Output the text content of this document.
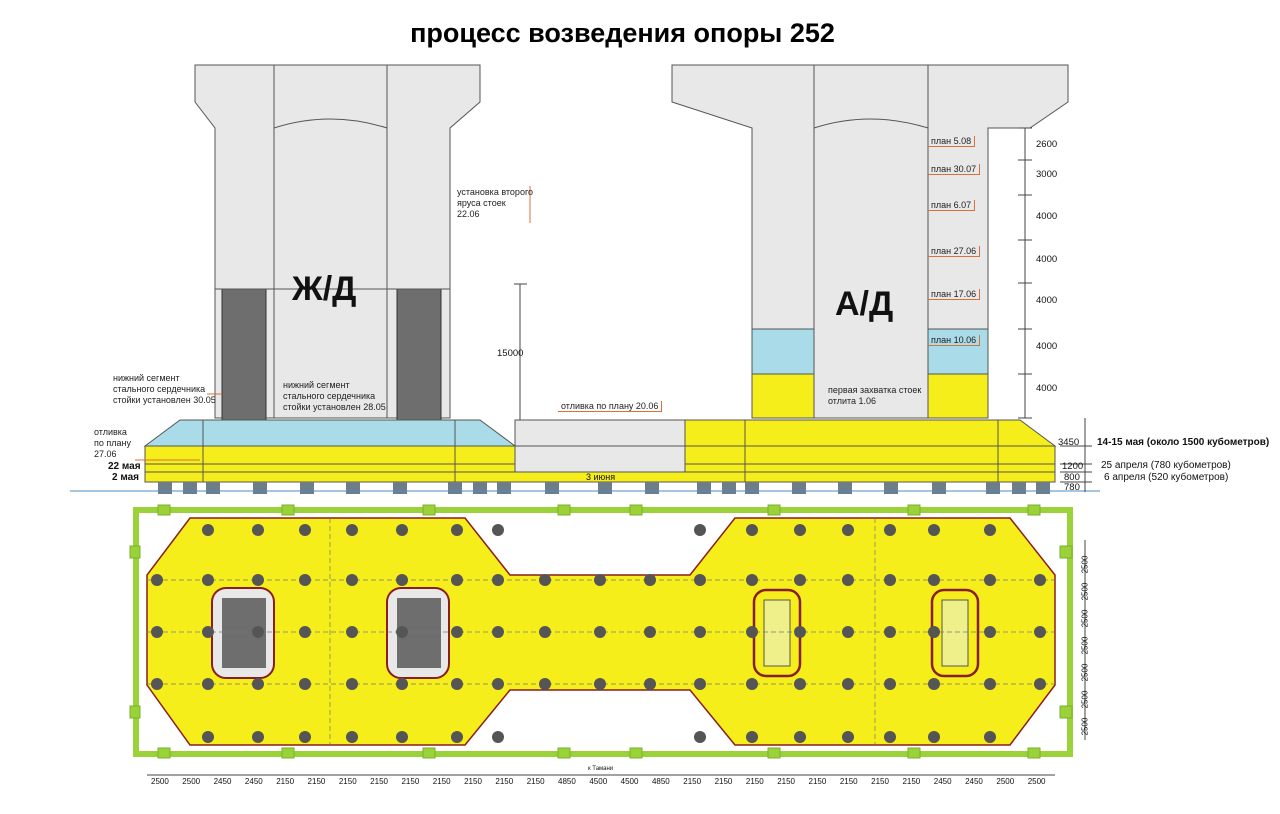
процесс возведения опоры 252
Ж/Д	А/Д
15000
нижний сегмент
стального сердечника
стойки установлен 30.05
нижний сегмент
стального сердечника
стойки установлен 28.05
установка второго
ярусa стоек
22.06
отливка
по плану
27.06
отливка по плану 20.06
первая захватка стоек
отлита 1.06
план 5.08
план 30.07
план 6.07
план 27.06
план 17.06
план 10.06
2600
3000
4000
4000
4000
4000
4000
3450
1200
800
780
22 мая
2 мая	3 июня
14-15 мая (около 1500 кубометров)
25 апреля (780 кубометров)
6 апреля (520 кубометров)
2500 2500 2450 2450 2150 2150 2150 2150 2150 2150 2150 2150 2150 4850 4500 4500 4850 2150 2150 2150 2150 2150 2150 2150 2150 2450 2450 2500 2500
2500
2500
2500
2500
2500
2500
2500
к Тамани
